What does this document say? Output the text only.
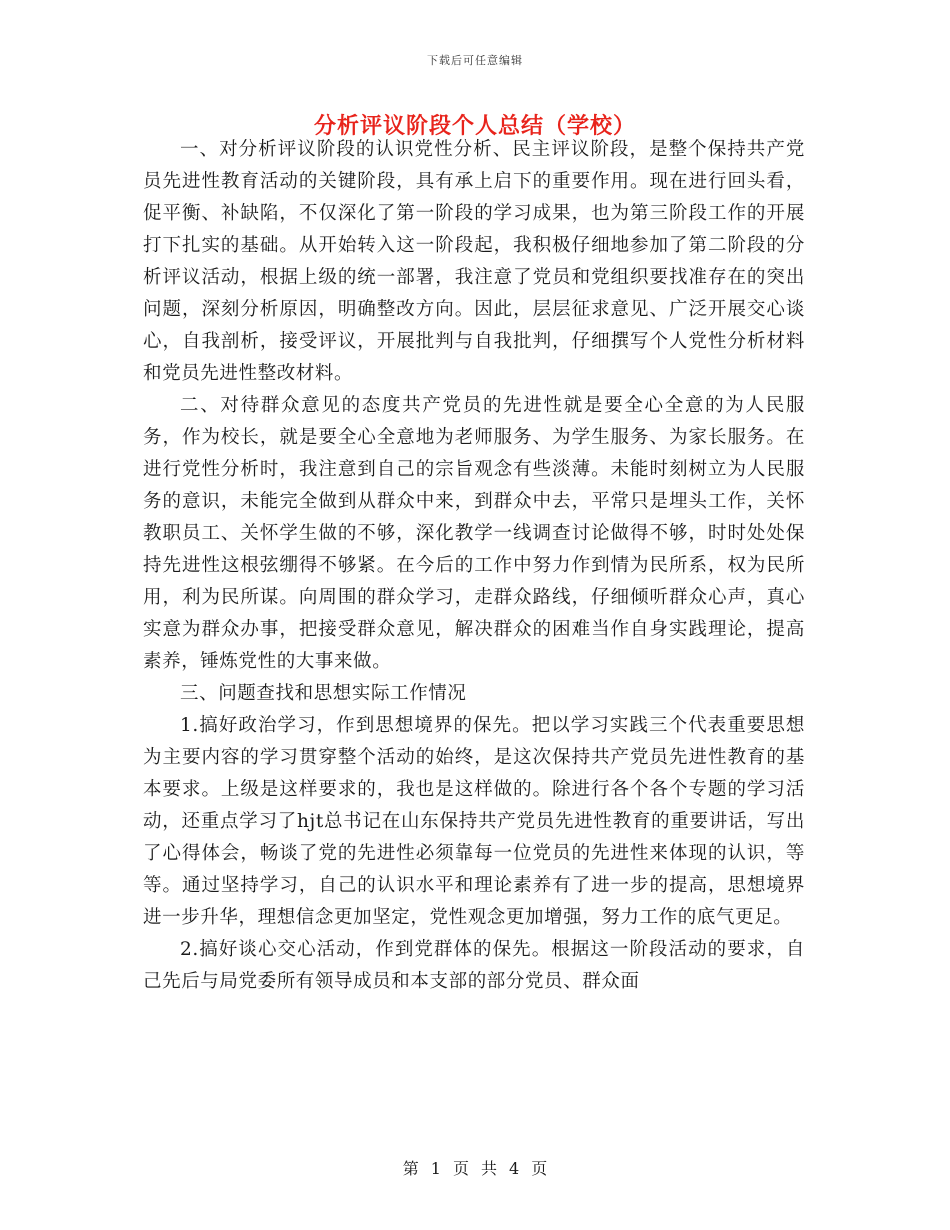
下载后可任意编辑
分析评议阶段个人总结（学校）

一、对分析评议阶段的认识党性分析、民主评议阶段，是整个保持共产党员先进性教育活动的关键阶段，具有承上启下的重要作用。现在进行回头看，促平衡、补缺陷，不仅深化了第一阶段的学习成果，也为第三阶段工作的开展打下扎实的基础。从开始转入这一阶段起，我积极仔细地参加了第二阶段的分析评议活动，根据上级的统一部署，我注意了党员和党组织要找准存在的突出问题，深刻分析原因，明确整改方向。因此，层层征求意见、广泛开展交心谈心，自我剖析，接受评议，开展批判与自我批判，仔细撰写个人党性分析材料和党员先进性整改材料。

二、对待群众意见的态度共产党员的先进性就是要全心全意的为人民服务，作为校长，就是要全心全意地为老师服务、为学生服务、为家长服务。在进行党性分析时，我注意到自己的宗旨观念有些淡薄。未能时刻树立为人民服务的意识，未能完全做到从群众中来，到群众中去，平常只是埋头工作，关怀教职员工、关怀学生做的不够，深化教学一线调查讨论做得不够，时时处处保持先进性这根弦绷得不够紧。在今后的工作中努力作到情为民所系，权为民所用，利为民所谋。向周围的群众学习，走群众路线，仔细倾听群众心声，真心实意为群众办事，把接受群众意见，解决群众的困难当作自身实践理论，提高素养，锤炼党性的大事来做。

三、问题查找和思想实际工作情况

1.搞好政治学习，作到思想境界的保先。把以学习实践三个代表重要思想为主要内容的学习贯穿整个活动的始终，是这次保持共产党员先进性教育的基本要求。上级是这样要求的，我也是这样做的。除进行各个各个专题的学习活动，还重点学习了hjt总书记在山东保持共产党员先进性教育的重要讲话，写出了心得体会，畅谈了党的先进性必须靠每一位党员的先进性来体现的认识，等等。通过坚持学习，自己的认识水平和理论素养有了进一步的提高，思想境界进一步升华，理想信念更加坚定，党性观念更加增强，努力工作的底气更足。

2.搞好谈心交心活动，作到党群体的保先。根据这一阶段活动的要求，自己先后与局党委所有领导成员和本支部的部分党员、群众面

第 1 页 共 4 页
